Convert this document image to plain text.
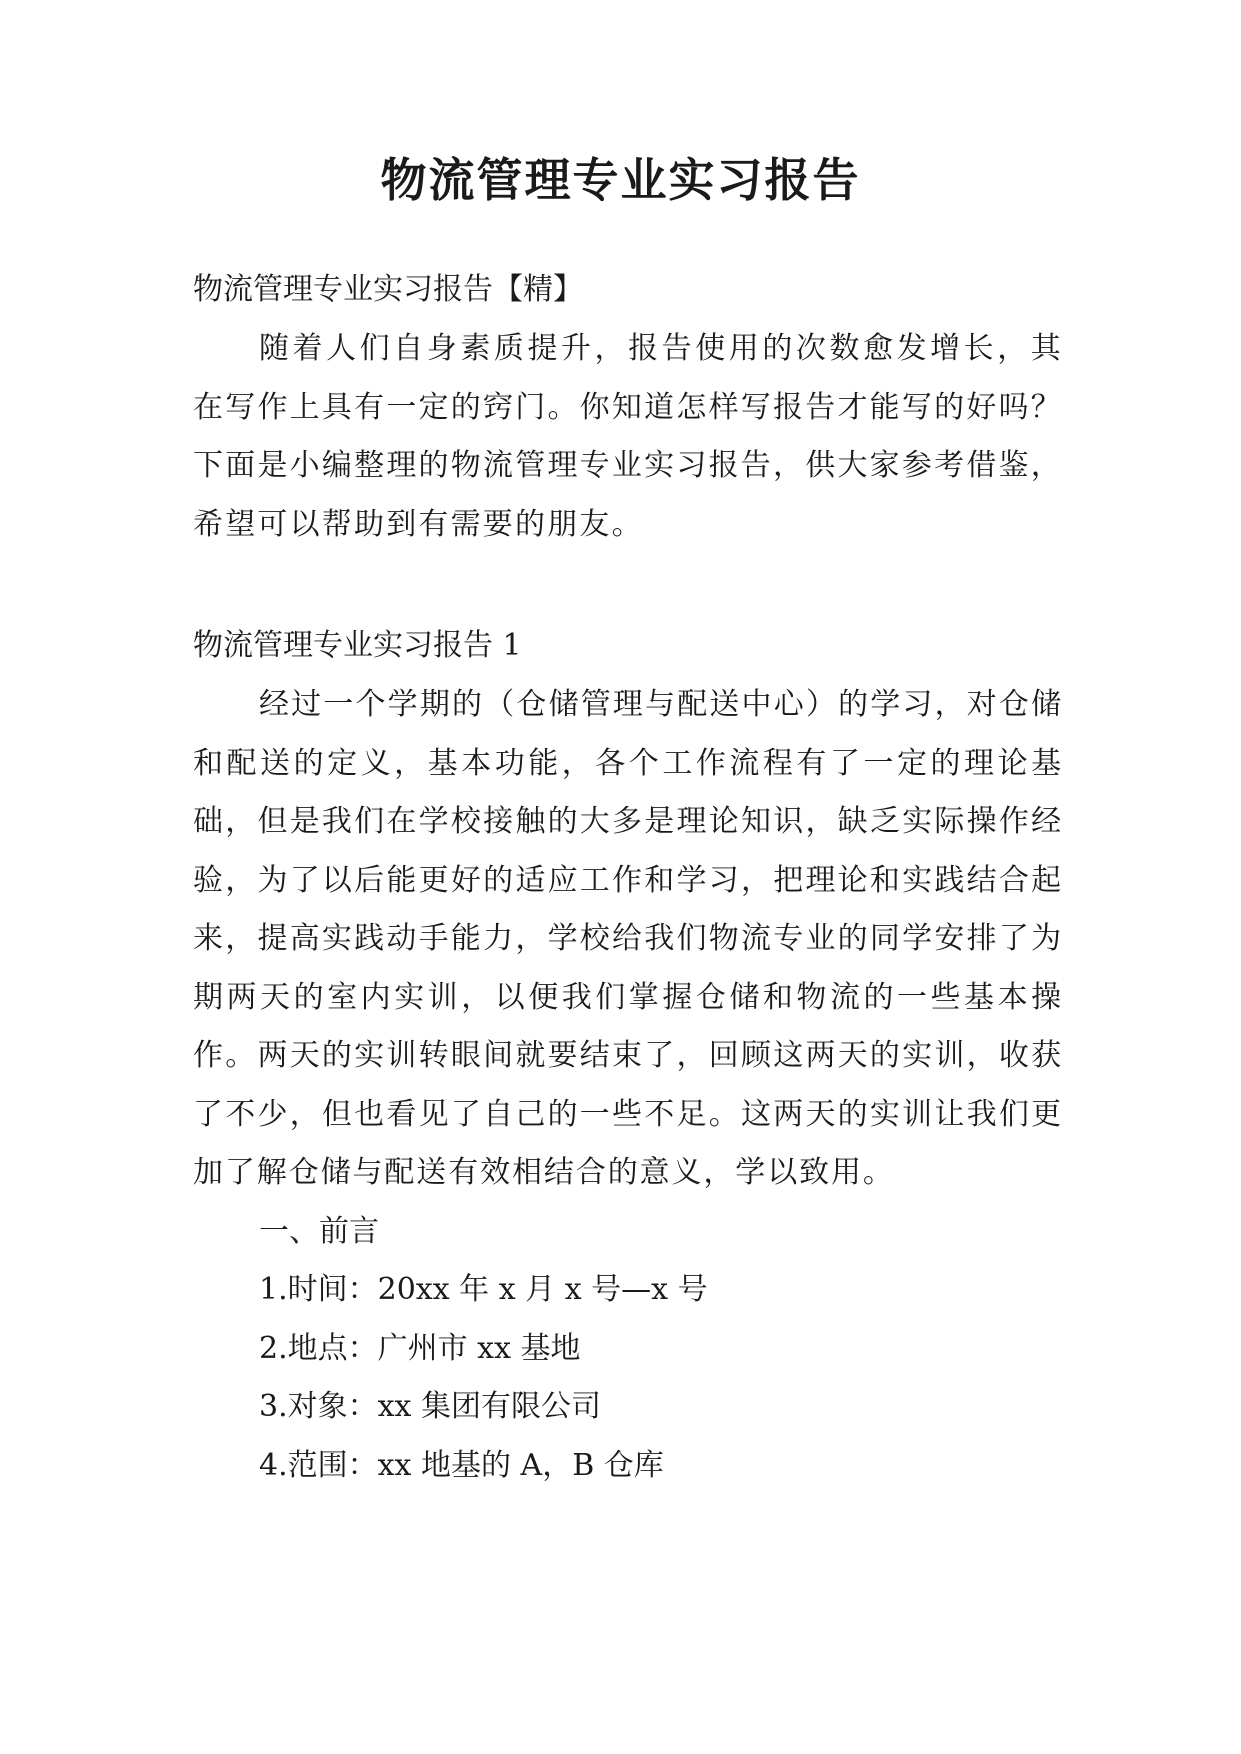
物流管理专业实习报告

物流管理专业实习报告【精】

随着人们自身素质提升，报告使用的次数愈发增长，其在写作上具有一定的窍门。你知道怎样写报告才能写的好吗？下面是小编整理的物流管理专业实习报告，供大家参考借鉴，希望可以帮助到有需要的朋友。

物流管理专业实习报告 1

经过一个学期的（仓储管理与配送中心）的学习，对仓储和配送的定义，基本功能，各个工作流程有了一定的理论基础，但是我们在学校接触的大多是理论知识，缺乏实际操作经验，为了以后能更好的适应工作和学习，把理论和实践结合起来，提高实践动手能力，学校给我们物流专业的同学安排了为期两天的室内实训，以便我们掌握仓储和物流的一些基本操作。两天的实训转眼间就要结束了，回顾这两天的实训，收获了不少，但也看见了自己的一些不足。这两天的实训让我们更加了解仓储与配送有效相结合的意义，学以致用。

一、前言

1.时间：20xx 年 x 月 x 号—x 号

2.地点：广州市 xx 基地

3.对象：xx 集团有限公司

4.范围：xx 地基的 A，B 仓库
